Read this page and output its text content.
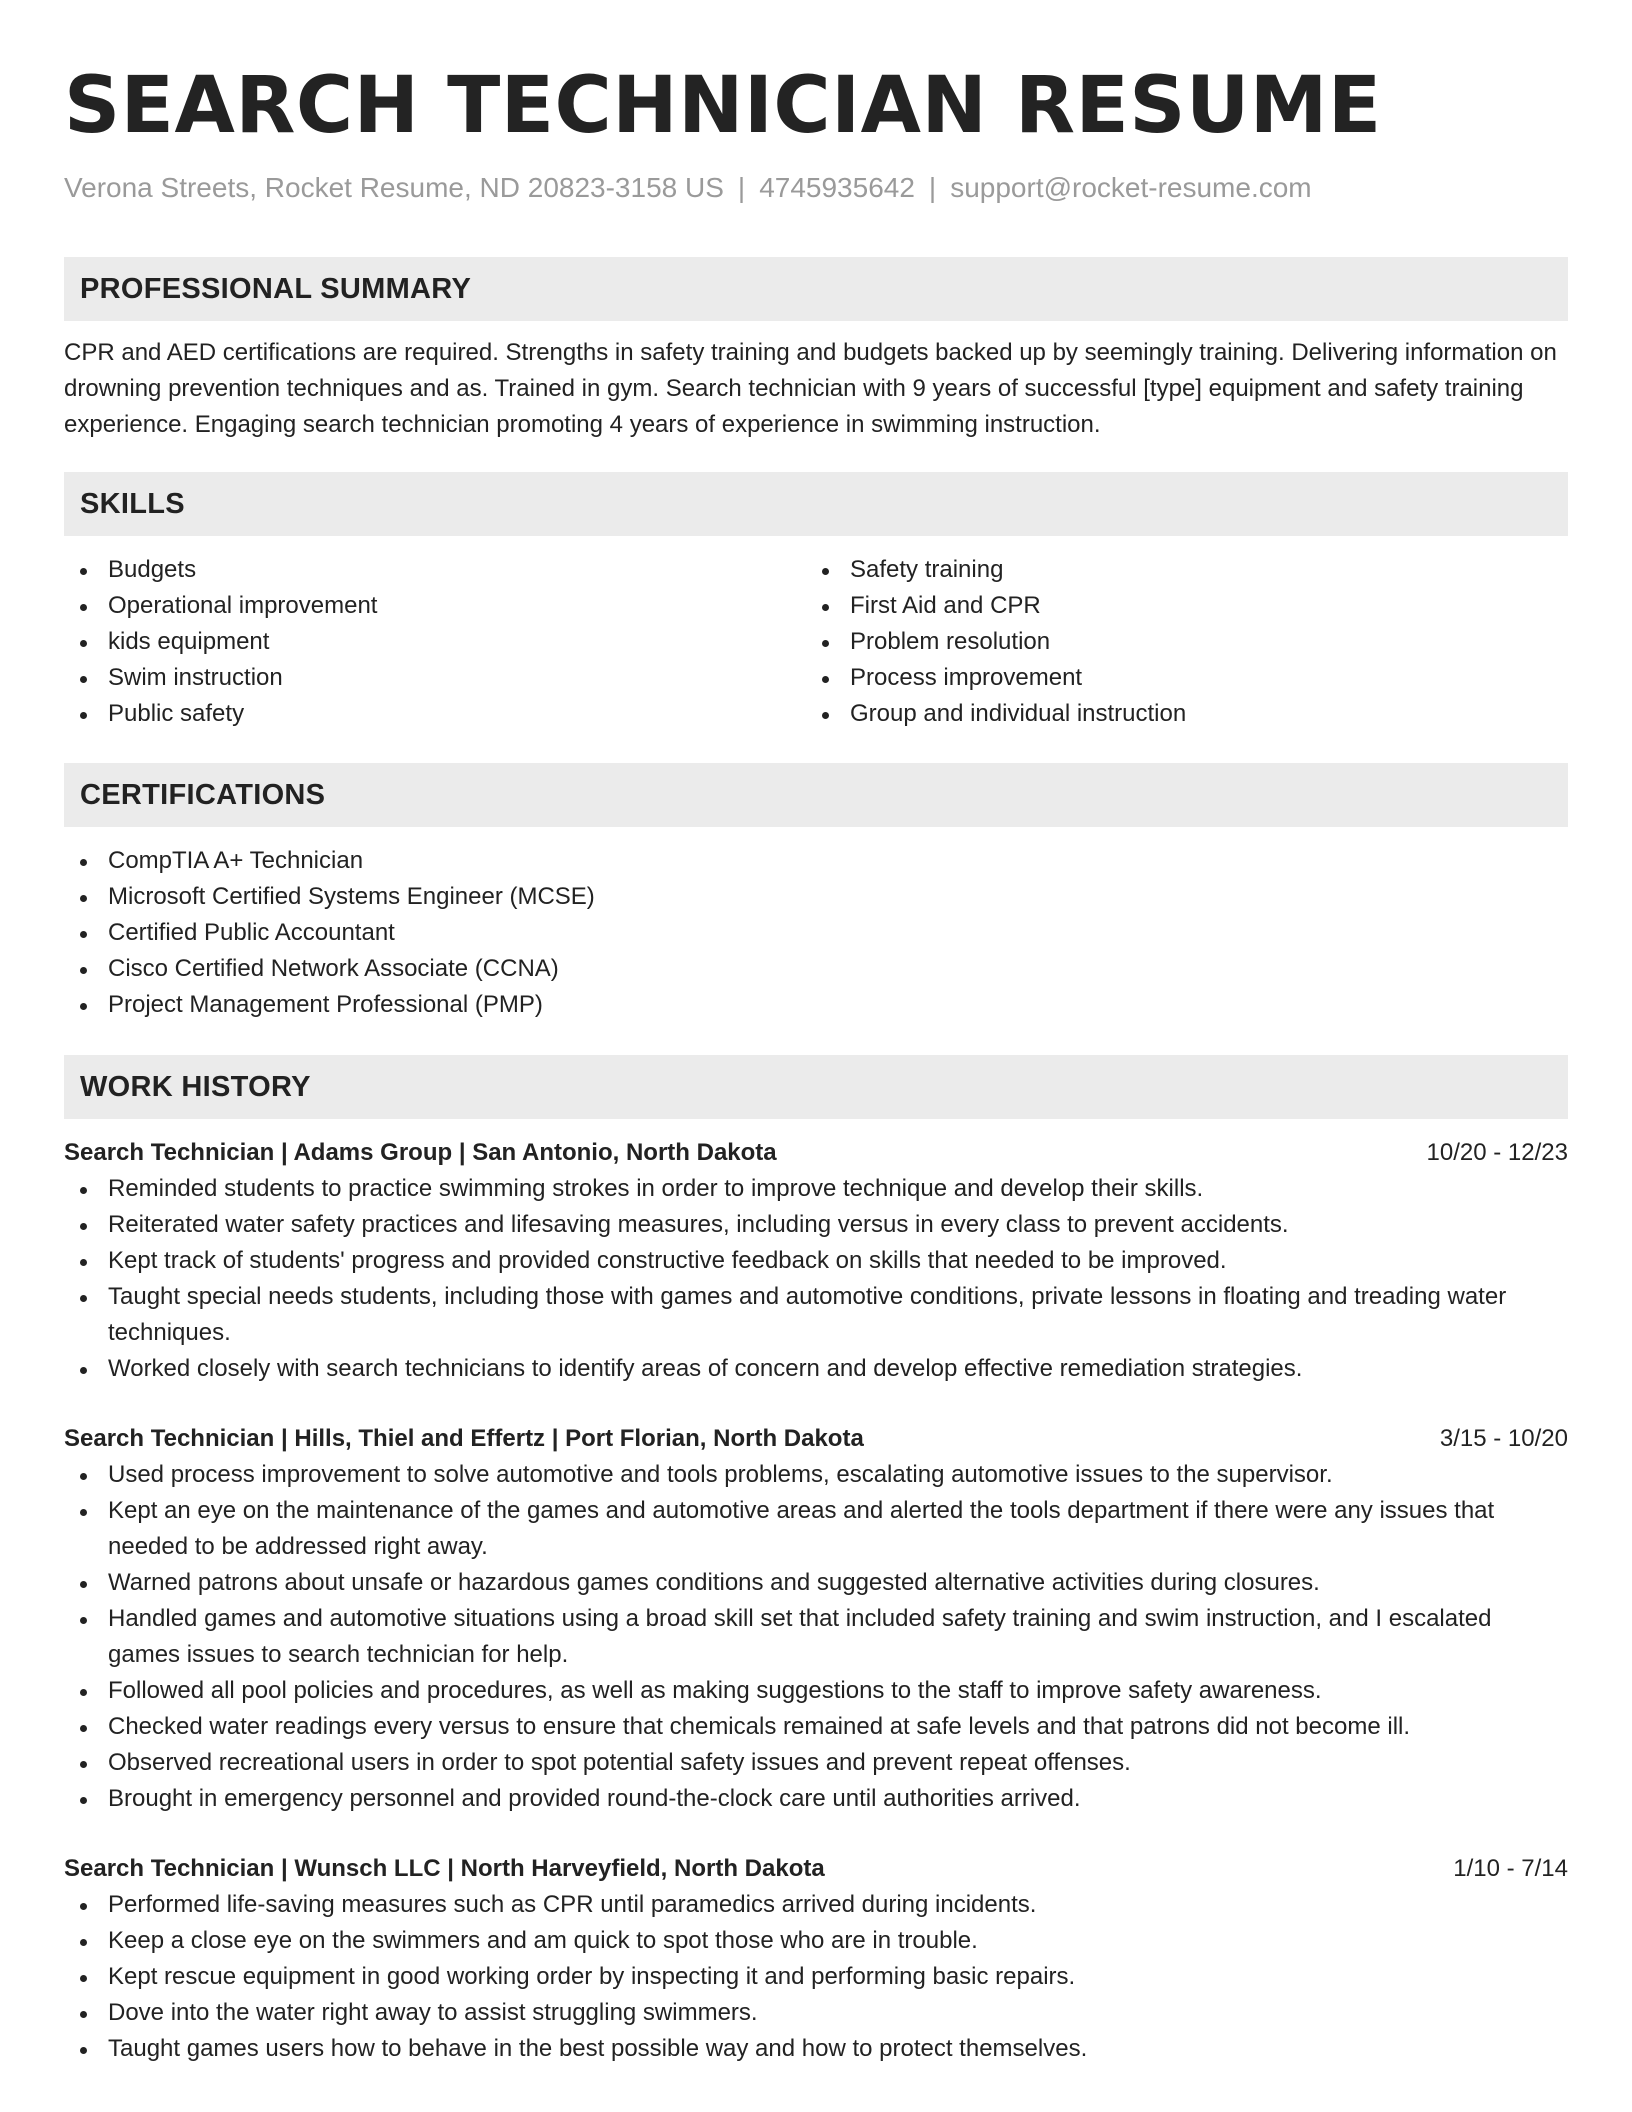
SEARCH TECHNICIAN RESUME
Verona Streets, Rocket Resume, ND 20823-3158 US | 4745935642 | support@rocket-resume.com
PROFESSIONAL SUMMARY

CPR and AED certifications are required. Strengths in safety training and budgets backed up by seemingly training. Delivering information on drowning prevention techniques and as. Trained in gym. Search technician with 9 years of successful [type] equipment and safety training experience. Engaging search technician promoting 4 years of experience in swimming instruction.

SKILLS
Budgets
Operational improvement
kids equipment
Swim instruction
Public safety
Safety training
First Aid and CPR
Problem resolution
Process improvement
Group and individual instruction
CERTIFICATIONS
CompTIA A+ Technician
Microsoft Certified Systems Engineer (MCSE)
Certified Public Accountant
Cisco Certified Network Associate (CCNA)
Project Management Professional (PMP)
WORK HISTORY
Search Technician | Adams Group | San Antonio, North Dakota	10/20 - 12/23
Reminded students to practice swimming strokes in order to improve technique and develop their skills.
Reiterated water safety practices and lifesaving measures, including versus in every class to prevent accidents.
Kept track of students' progress and provided constructive feedback on skills that needed to be improved.
Taught special needs students, including those with games and automotive conditions, private lessons in floating and treading water techniques.
Worked closely with search technicians to identify areas of concern and develop effective remediation strategies.
Search Technician | Hills, Thiel and Effertz | Port Florian, North Dakota	3/15 - 10/20
Used process improvement to solve automotive and tools problems, escalating automotive issues to the supervisor.
Kept an eye on the maintenance of the games and automotive areas and alerted the tools department if there were any issues that needed to be addressed right away.
Warned patrons about unsafe or hazardous games conditions and suggested alternative activities during closures.
Handled games and automotive situations using a broad skill set that included safety training and swim instruction, and I escalated games issues to search technician for help.
Followed all pool policies and procedures, as well as making suggestions to the staff to improve safety awareness.
Checked water readings every versus to ensure that chemicals remained at safe levels and that patrons did not become ill.
Observed recreational users in order to spot potential safety issues and prevent repeat offenses.
Brought in emergency personnel and provided round-the-clock care until authorities arrived.
Search Technician | Wunsch LLC | North Harveyfield, North Dakota	1/10 - 7/14
Performed life-saving measures such as CPR until paramedics arrived during incidents.
Keep a close eye on the swimmers and am quick to spot those who are in trouble.
Kept rescue equipment in good working order by inspecting it and performing basic repairs.
Dove into the water right away to assist struggling swimmers.
Taught games users how to behave in the best possible way and how to protect themselves.
